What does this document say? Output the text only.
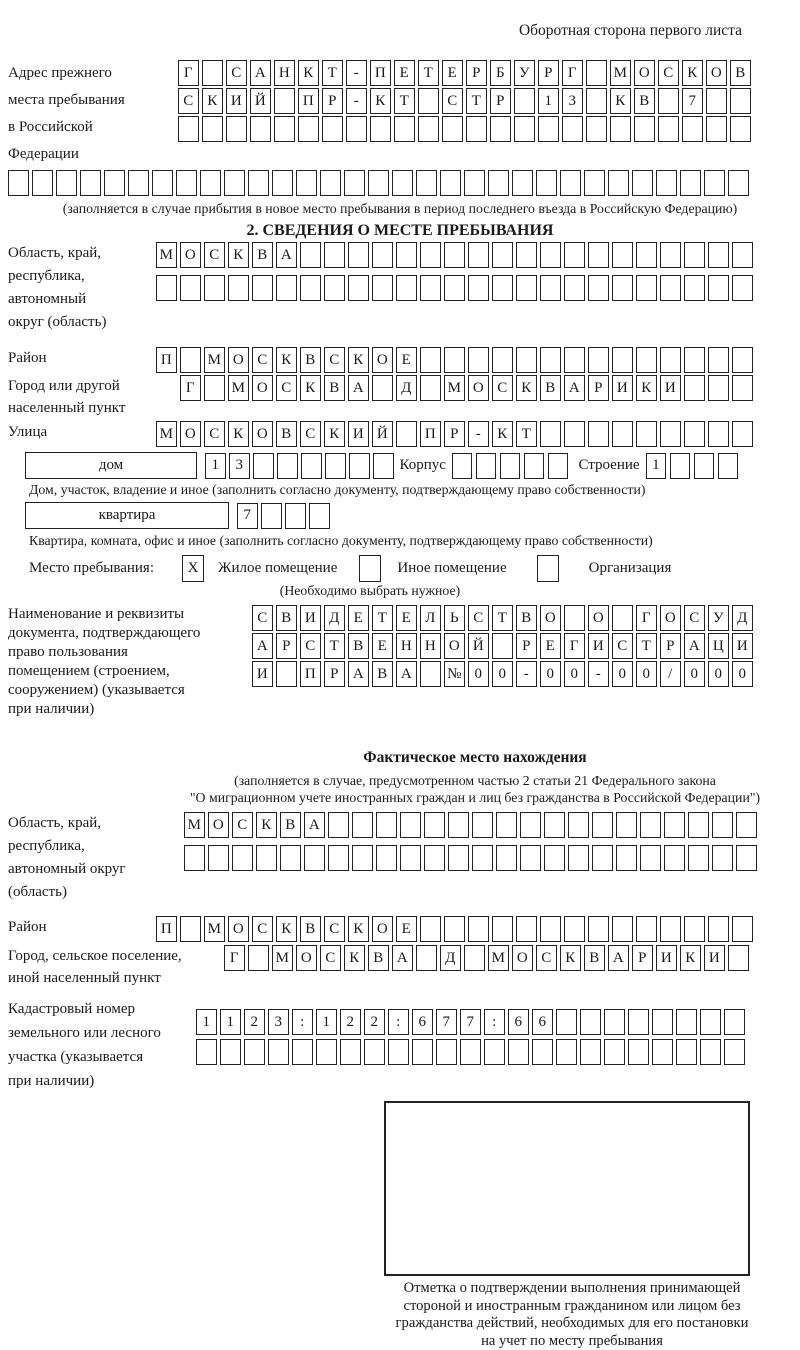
Оборотная сторона первого листа
Адрес прежнего
места пребывания
в Российской
Федерации
Г	С А Н К Т	-	П Е Т Е	Р	Б У Р	Г	М О С К О В
С К И Й	П Р	-	К Т	С Т	Р	1	3	К В	7
(заполняется в случае прибытия в новое место пребывания в период последнего въезда в Российскую Федерацию)
2. СВЕДЕНИЯ О МЕСТЕ ПРЕБЫВАНИЯ
Область, край,
республика,
автономный
округ (область)
М О С К В А
Район	П	М О С К В С К О Е
Город или другой
населенный пункт
Г	М О С К В А	Д	М О С К В А Р И К И
Улица	М О С К О В С К И Й	П Р	-	К Т
дом	1	3	Корпус	Строение 1
Дом, участок, владение и иное (заполнить согласно документу, подтверждающему право собственности)
квартира	7
Квартира, комната, офис и иное (заполнить согласно документу, подтверждающему право собственности)
Место пребывания:	X	Жилое помещение	Иное помещение	Организация
(Необходимо выбрать нужное)
Наименование и реквизиты
документа, подтверждающего
право пользования
помещением (строением,
сооружением) (указывается
при наличии)
С В И Д Е Т Е Л Ь С Т В О	О	Г О С У Д
А Р С Т В Е Н Н О Й	Р	Е	Г И С Т	Р А Ц И
И	П Р А В А	№ 0	0	-	0	0	-	0	0	/	0	0	0
Фактическое место нахождения
(заполняется в случае, предусмотренном частью 2 статьи 21 Федерального закона
"О миграционном учете иностранных граждан и лиц без гражданства в Российской Федерации")
Область, край,
республика,
автономный округ
(область)
М О С К В А
Район	П	М О С К В С К О Е
Город, сельское поселение,
иной населенный пункт
Г	М О С К В А	Д	М О С К В А Р И К И
Кадастровый номер
земельного или лесного
участка (указывается
при наличии)
1	1	2	3	:	1	2	2	:	6	7	7	:	6	6
Отметка о подтверждении выполнения принимающей
стороной и иностранным гражданином или лицом без
гражданства действий, необходимых для его постановки
на учет по месту пребывания
